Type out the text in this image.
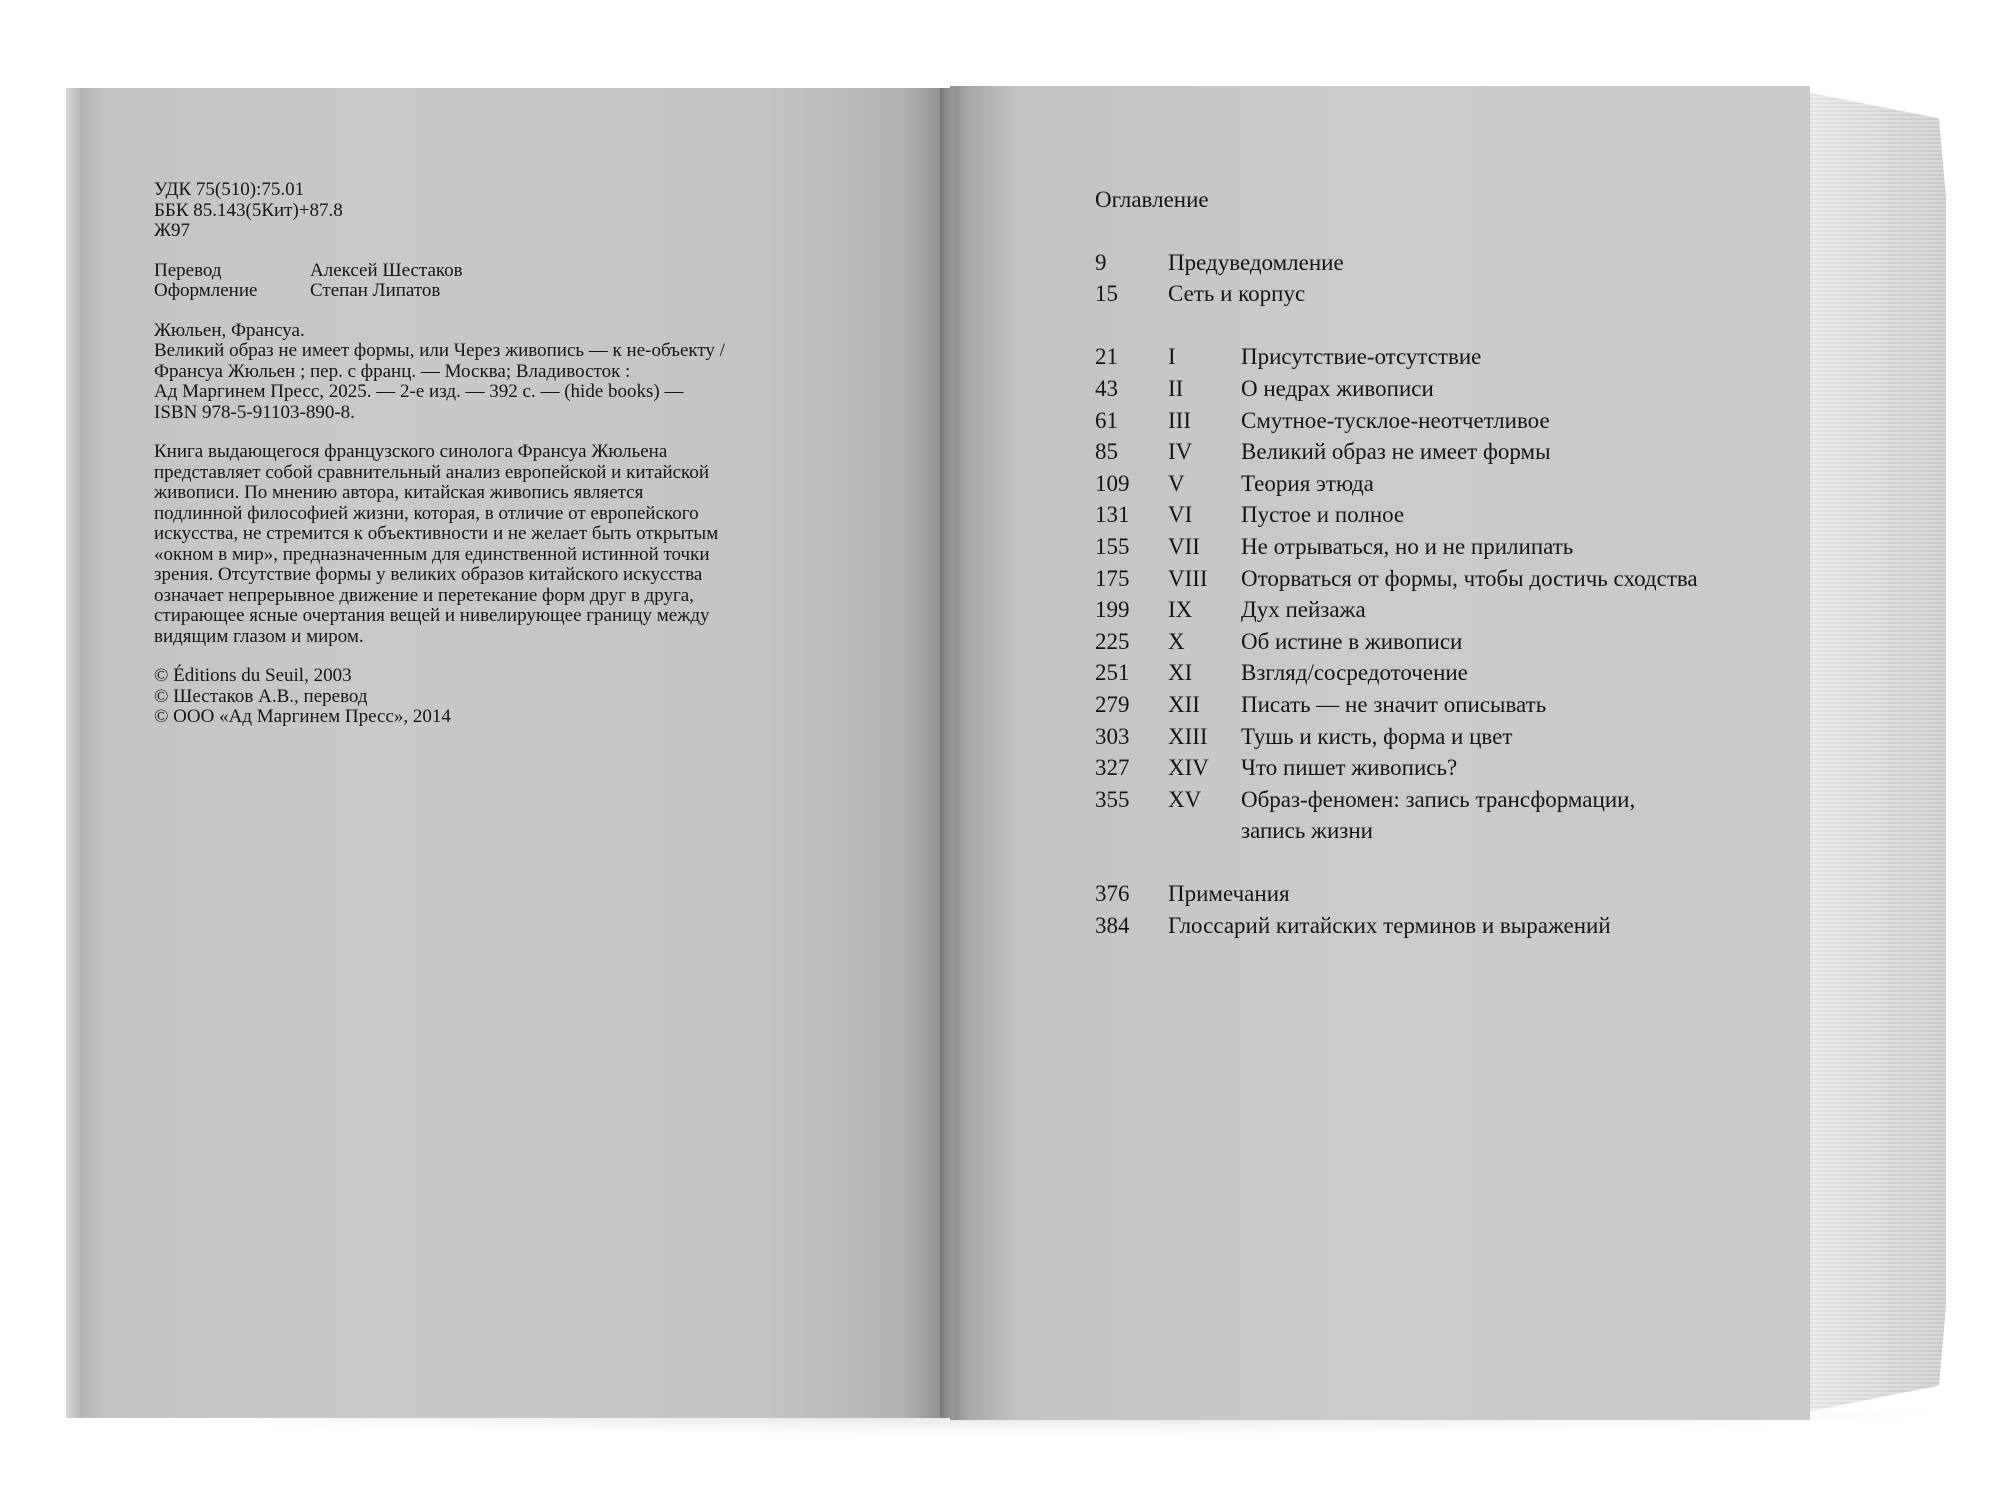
УДК 75(510):75.01
ББК 85.143(5Кит)+87.8
Ж97
Перевод	Алексей Шестаков
Оформление	Степан Липатов
Жюльен, Франсуа.
Великий образ не имеет формы, или Через живопись — к не-объекту /
Франсуа Жюльен ; пер. с франц. — Москва; Владивосток :
Ад Маргинем Пресс, 2025. — 2-е изд. — 392 с. — (hide books) —
ISBN 978-5-91103-890-8.
Книга выдающегося французского синолога Франсуа Жюльена
представляет собой сравнительный анализ европейской и китайской
живописи. По мнению автора, китайская живопись является
подлинной философией жизни, которая, в отличие от европейского
искусства, не стремится к объективности и не желает быть открытым
«окном в мир», предназначенным для единственной истинной точки
зрения. Отсутствие формы у великих образов китайского искусства
означает непрерывное движение и перетекание форм друг в друга,
стирающее ясные очертания вещей и нивелирующее границу между
видящим глазом и миром.
© Éditions du Seuil, 2003
© Шестаков А.В., перевод
© ООО «Ад Маргинем Пресс», 2014
Оглавление
9	Предуведомление
15	Сеть и корпус
21	I	Присутствие-отсутствие
43	II	О недрах живописи
61	III	Смутное-тусклое-неотчетливое
85	IV	Великий образ не имеет формы
109	V	Теория этюда
131	VI	Пустое и полное
155	VII	Не отрываться, но и не прилипать
175	VIII	Оторваться от формы, чтобы достичь сходства
199	IX	Дух пейзажа
225	X	Об истине в живописи
251	XI	Взгляд/сосредоточение
279	XII	Писать — не значит описывать
303	XIII	Тушь и кисть, форма и цвет
327	XIV	Что пишет живопись?
355	XV	Образ-феномен: запись трансформации,
запись жизни
376	Примечания
384	Глоссарий китайских терминов и выражений
